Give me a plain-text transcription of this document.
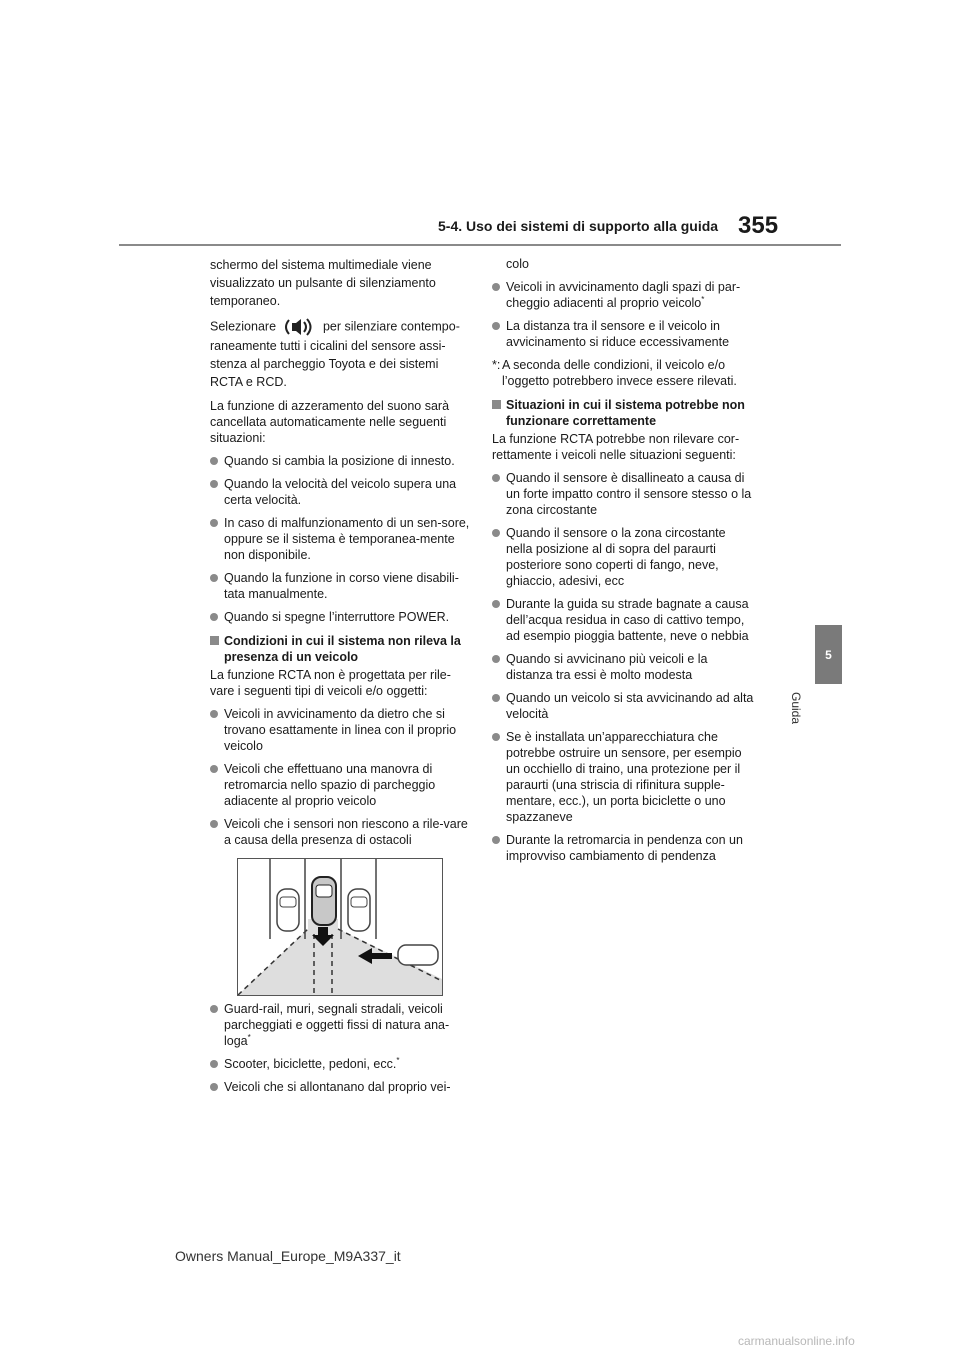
5-4. Uso dei sistemi di supporto alla guida 355
5
Guida

schermo del sistema multimediale viene visualizzato un pulsante di silenziamento temporaneo.

Selezionare	per silenziare contempo- raneamente tutti i cicalini del sensore assi-stenza al parcheggio Toyota e dei sistemi RCTA e RCD.

La funzione di azzeramento del suono sarà cancellata automaticamente nelle seguenti situazioni:

Quando si cambia la posizione di innesto.
Quando la velocità del veicolo supera una certa velocità.
In caso di malfunzionamento di un sen-sore, oppure se il sistema è temporanea-mente non disponibile.
Quando la funzione in corso viene disabili-tata manualmente.
Quando si spegne l’interruttore POWER.
Condizioni in cui il sistema non rileva la presenza di un veicolo

La funzione RCTA non è progettata per rile-vare i seguenti tipi di veicoli e/o oggetti:

Veicoli in avvicinamento da dietro che si trovano esattamente in linea con il proprio veicolo
Veicoli che effettuano una manovra di retromarcia nello spazio di parcheggio adiacente al proprio veicolo
Veicoli che i sensori non riescono a rile-vare a causa della presenza di ostacoli
Guard-rail, muri, segnali stradali, veicoli parcheggiati e oggetti fissi di natura ana-loga*
Scooter, biciclette, pedoni, ecc.*
Veicoli che si allontanano dal proprio vei-

colo

Veicoli in avvicinamento dagli spazi di par-cheggio adiacenti al proprio veicolo*
La distanza tra il sensore e il veicolo in avvicinamento si riduce eccessivamente
*: A seconda delle condizioni, il veicolo e/o l’oggetto potrebbero invece essere rilevati.
Situazioni in cui il sistema potrebbe non funzionare correttamente

La funzione RCTA potrebbe non rilevare cor-rettamente i veicoli nelle situazioni seguenti:

Quando il sensore è disallineato a causa di un forte impatto contro il sensore stesso o la zona circostante
Quando il sensore o la zona circostante nella posizione al di sopra del paraurti posteriore sono coperti di fango, neve, ghiaccio, adesivi, ecc
Durante la guida su strade bagnate a causa dell’acqua residua in caso di cattivo tempo, ad esempio pioggia battente, neve o nebbia
Quando si avvicinano più veicoli e la distanza tra essi è molto modesta
Quando un veicolo si sta avvicinando ad alta velocità
Se è installata un’apparecchiatura che potrebbe ostruire un sensore, per esempio un occhiello di traino, una protezione per il paraurti (una striscia di rifinitura supple-mentare, ecc.), un porta biciclette o uno spazzaneve
Durante la retromarcia in pendenza con un improvviso cambiamento di pendenza
Owners Manual_Europe_M9A337_it
carmanualsonline.info
